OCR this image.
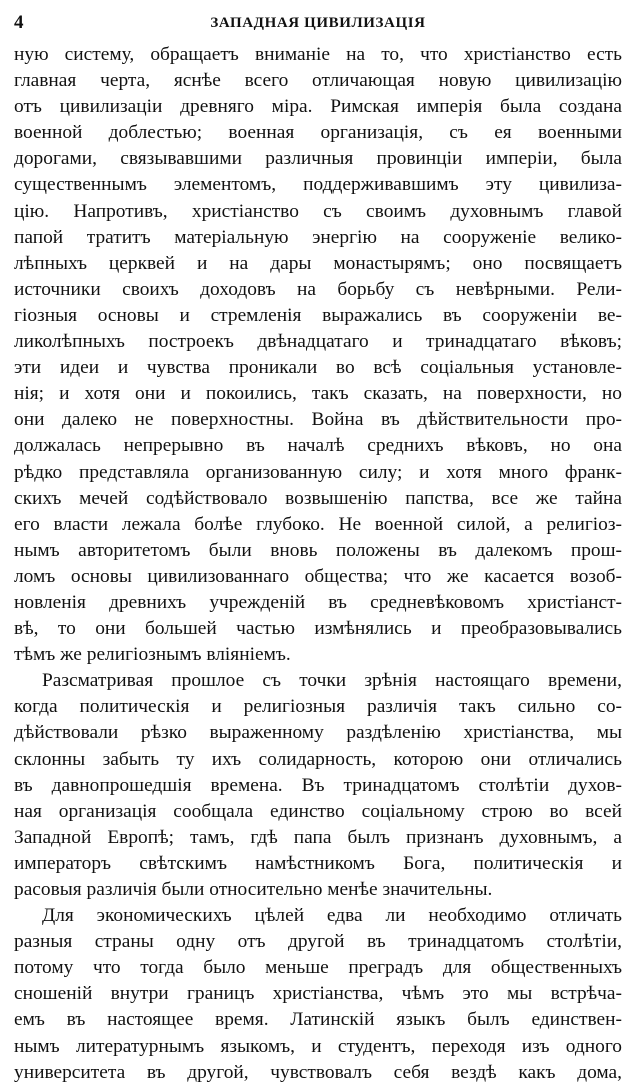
4	ЗАПАДНАЯ ЦИВИЛИЗАЦІЯ

ную систему, обращаетъ вниманіе на то, что христіанство есть
главная черта, яснѣе всего отличающая новую цивилизацію
отъ цивилизаціи древняго міра. Римская имперія была создана
военной доблестью; военная организація, съ ея военными
дорогами, связывавшими различныя провинціи имперіи, была
существеннымъ элементомъ, поддерживавшимъ эту цивилиза-
цію. Напротивъ, христіанство съ своимъ духовнымъ главой
папой тратитъ матеріальную энергію на сооруженіе велико-
лѣпныхъ церквей и на дары монастырямъ; оно посвящаетъ
источники своихъ доходовъ на борьбу съ невѣрными. Рели-
гіозныя основы и стремленія выражались въ сооруженіи ве-
ликолѣпныхъ построекъ двѣнадцатаго и тринадцатаго вѣковъ;
эти идеи и чувства проникали во всѣ соціальныя установле-
нія; и хотя они и покоились, такъ сказать, на поверхности, но
они далеко не поверхностны. Война въ дѣйствительности про-
должалась непрерывно въ началѣ среднихъ вѣковъ, но она
рѣдко представляла организованную силу; и хотя много франк-
скихъ мечей содѣйствовало возвышенію папства, все же тайна
его власти лежала болѣе глубоко. Не военной силой, а религіоз-
нымъ авторитетомъ были вновь положены въ далекомъ прош-
ломъ основы цивилизованнаго общества; что же касается возоб-
новленія древнихъ учрежденій въ средневѣковомъ христіанст-
вѣ, то они большей частью измѣнялись и преобразовывались
тѣмъ же религіознымъ вліяніемъ.

Разсматривая прошлое съ точки зрѣнія настоящаго времени,
когда политическія и религіозныя различія такъ сильно со-
дѣйствовали рѣзко выраженному раздѣленію христіанства, мы
склонны забыть ту ихъ солидарность, которою они отличались
въ давнопрошедшія времена. Въ тринадцатомъ столѣтіи духов-
ная организація сообщала единство соціальному строю во всей
Западной Европѣ; тамъ, гдѣ папа былъ признанъ духовнымъ, а
императоръ свѣтскимъ намѣстникомъ Бога, политическія и
расовыя различія были относительно менѣе значительны.

Для экономическихъ цѣлей едва ли необходимо отличать
разныя страны одну отъ другой въ тринадцатомъ столѣтіи,
потому что тогда было меньше преградъ для общественныхъ
сношеній внутри границъ христіанства, чѣмъ это мы встрѣча-
емъ въ настоящее время. Латинскій языкъ былъ единствен-
нымъ литературнымъ языкомъ, и студентъ, переходя изъ одного
университета въ другой, чувствовалъ себя вездѣ какъ дома,
